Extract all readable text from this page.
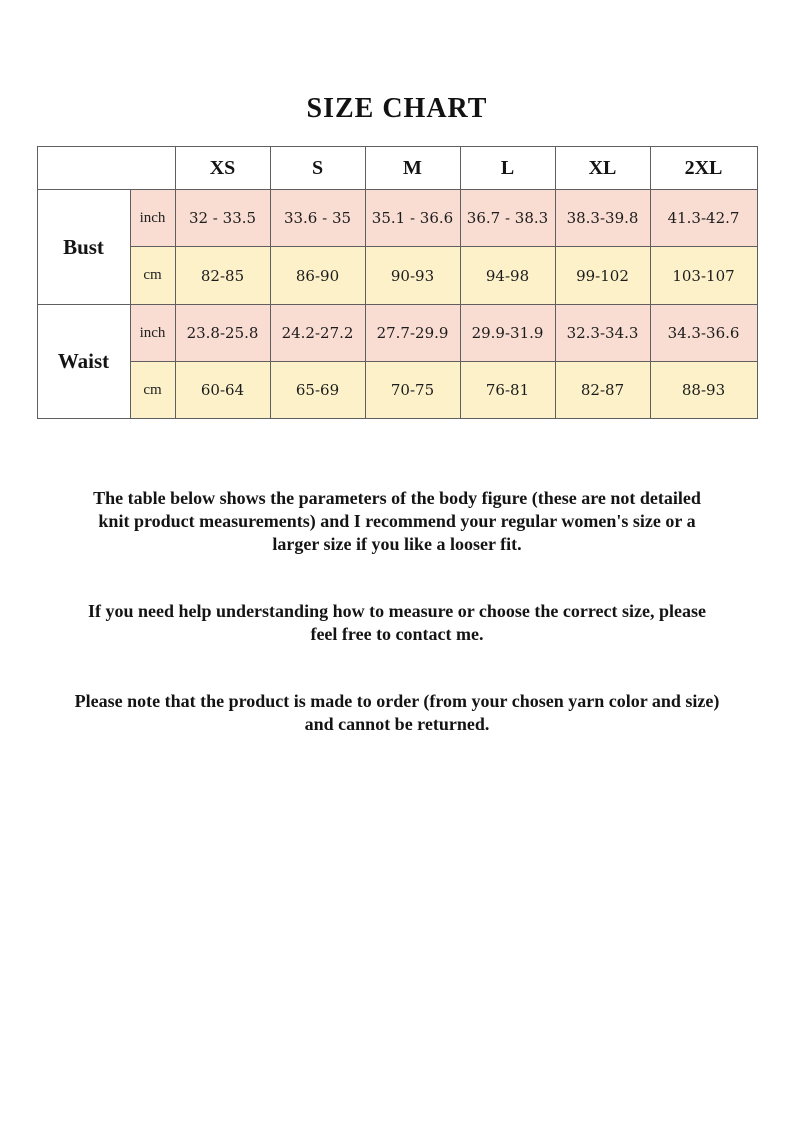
SIZE CHART
		XS	S	M	L	XL	2XL
Bust	inch	32 - 33.5	33.6 - 35	35.1 - 36.6	36.7 - 38.3	38.3-39.8	41.3-42.7
	cm	82-85	86-90	90-93	94-98	99-102	103-107
Waist	inch	23.8-25.8	24.2-27.2	27.7-29.9	29.9-31.9	32.3-34.3	34.3-36.6
	cm	60-64	65-69	70-75	76-81	82-87	88-93

The table below shows the parameters of the body figure (these are not detailed knit product measurements) and I recommend your regular women's size or a larger size if you like a looser fit.

If you need help understanding how to measure or choose the correct size, please feel free to contact me.

Please note that the product is made to order (from your chosen yarn color and size) and cannot be returned.
